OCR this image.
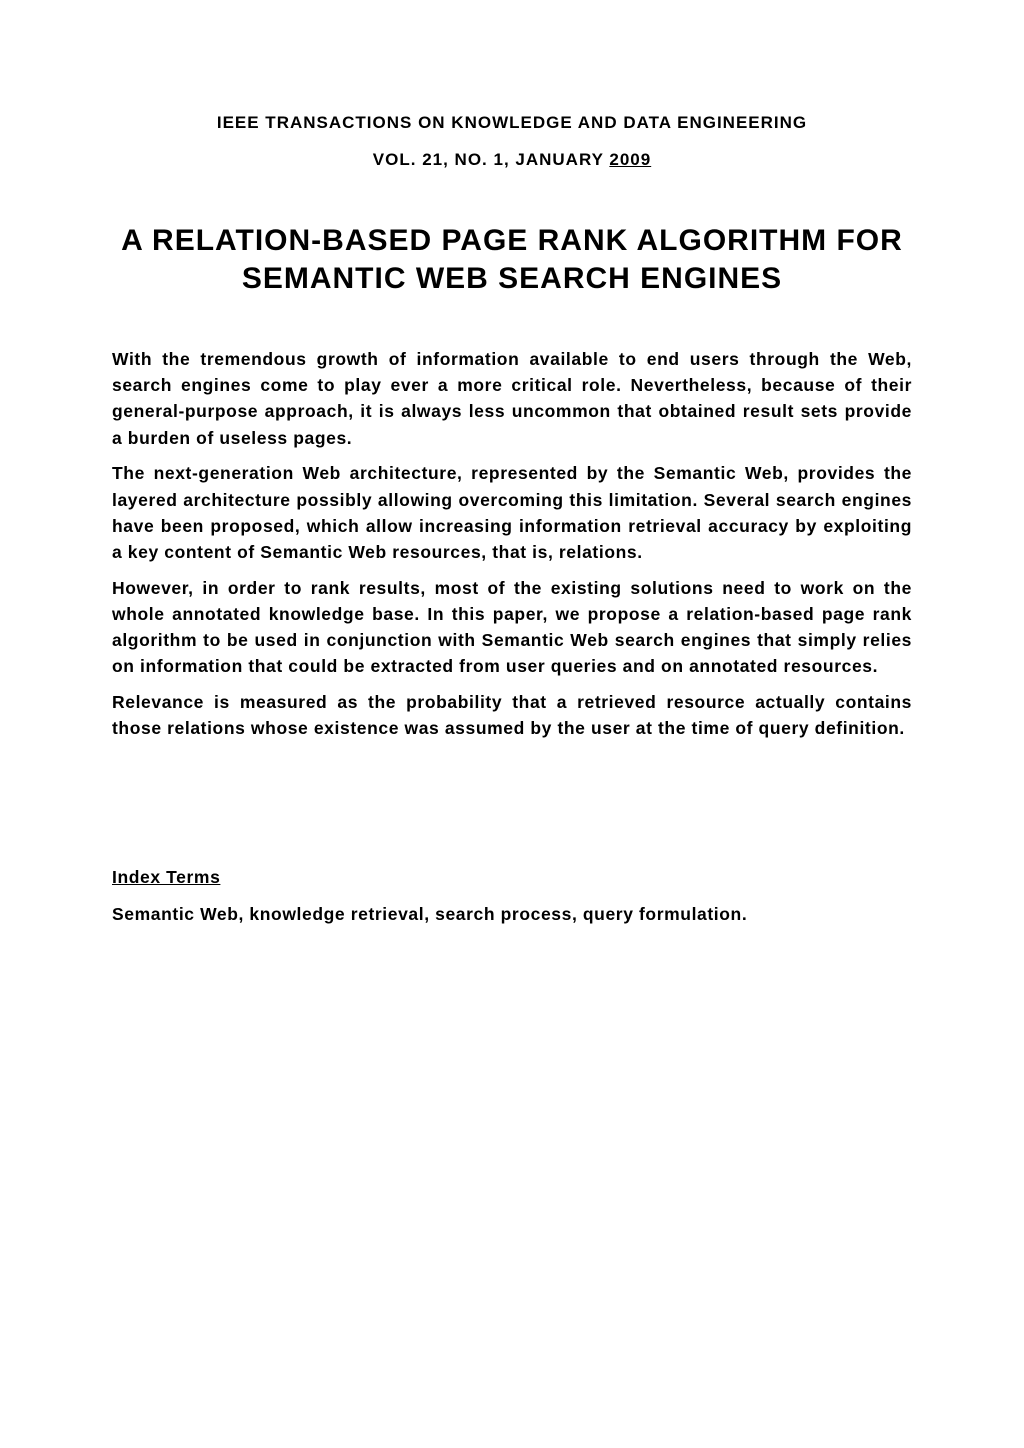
IEEE TRANSACTIONS ON KNOWLEDGE AND DATA ENGINEERING
VOL. 21, NO. 1, JANUARY 2009
A RELATION-BASED PAGE RANK ALGORITHM FOR
SEMANTIC WEB SEARCH ENGINES

With the tremendous growth of information available to end users through the Web, search engines come to play ever a more critical role. Nevertheless, because of their general-purpose approach, it is always less uncommon that obtained result sets provide a burden of useless pages.

The next-generation Web architecture, represented by the Semantic Web, provides the layered architecture possibly allowing overcoming this limitation. Several search engines have been proposed, which allow increasing information retrieval accuracy by exploiting a key content of Semantic Web resources, that is, relations.

However, in order to rank results, most of the existing solutions need to work on the whole annotated knowledge base. In this paper, we propose a relation-based page rank algorithm to be used in conjunction with Semantic Web search engines that simply relies on information that could be extracted from user queries and on annotated resources.

Relevance is measured as the probability that a retrieved resource actually contains those relations whose existence was assumed by the user at the time of query definition.

Index Terms
Semantic Web, knowledge retrieval, search process, query formulation.
